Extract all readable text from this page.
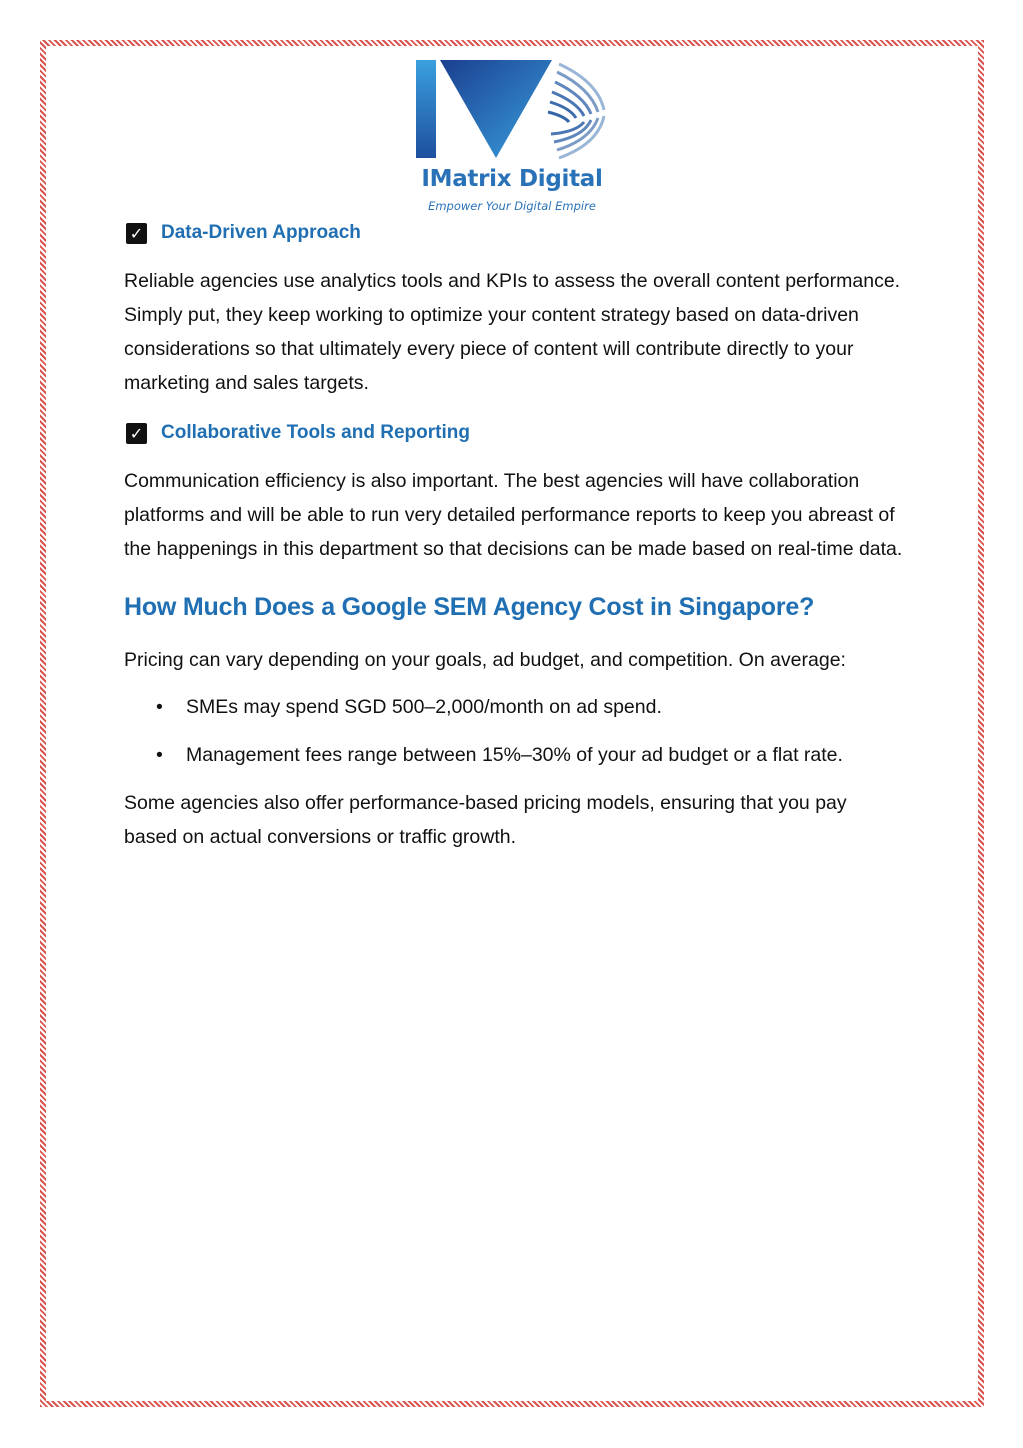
IMatrix Digital
Empower Your Digital Empire
✓ Data-Driven Approach

Reliable agencies use analytics tools and KPIs to assess the overall content performance. Simply put, they keep working to optimize your content strategy based on data-driven considerations so that ultimately every piece of content will contribute directly to your marketing and sales targets.

✓ Collaborative Tools and Reporting

Communication efficiency is also important. The best agencies will have collaboration platforms and will be able to run very detailed performance reports to keep you abreast of the happenings in this department so that decisions can be made based on real-time data.

How Much Does a Google SEM Agency Cost in Singapore?

Pricing can vary depending on your goals, ad budget, and competition. On average:

• SMEs may spend SGD 500–2,000/month on ad spend.
• Management fees range between 15%–30% of your ad budget or a flat rate.

Some agencies also offer performance-based pricing models, ensuring that you pay based on actual conversions or traffic growth.
